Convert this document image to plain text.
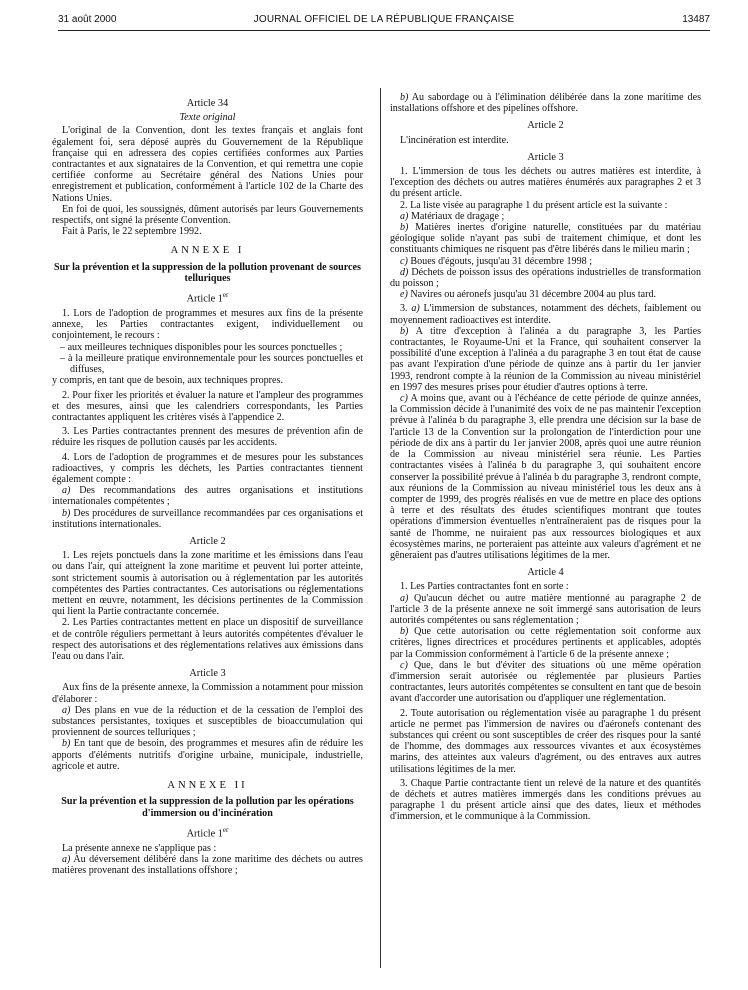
31 août 2000	JOURNAL OFFICIEL DE LA RÉPUBLIQUE FRANÇAISE	13487
Article 34
Texte original

L'original de la Convention, dont les textes français et anglais font également foi, sera déposé auprès du Gouvernement de la République française qui en adressera des copies certifiées conformes aux Parties contractantes et aux signataires de la Convention, et qui remettra une copie certifiée conforme au Secrétaire général des Nations Unies pour enregistrement et publication, conformément à l'article 102 de la Charte des Nations Unies.

En foi de quoi, les soussignés, dûment autorisés par leurs Gouvernements respectifs, ont signé la présente Convention.

Fait à Paris, le 22 septembre 1992.

ANNEXE I
Sur la prévention et la suppression de la pollution provenant de sources telluriques
Article 1er

1. Lors de l'adoption de programmes et mesures aux fins de la présente annexe, les Parties contractantes exigent, individuellement ou conjointement, le recours :

– aux meilleures techniques disponibles pour les sources ponctuelles ;
– à la meilleure pratique environnementale pour les sources ponctuelles et diffuses,

y compris, en tant que de besoin, aux techniques propres.

2. Pour fixer les priorités et évaluer la nature et l'ampleur des programmes et des mesures, ainsi que les calendriers correspondants, les Parties contractantes appliquent les critères visés à l'appendice 2.

3. Les Parties contractantes prennent des mesures de prévention afin de réduire les risques de pollution causés par les accidents.

4. Lors de l'adoption de programmes et de mesures pour les substances radioactives, y compris les déchets, les Parties contractantes tiennent également compte :

a) Des recommandations des autres organisations et institutions internationales compétentes ;

b) Des procédures de surveillance recommandées par ces organisations et institutions internationales.

Article 2

1. Les rejets ponctuels dans la zone maritime et les émissions dans l'eau ou dans l'air, qui atteignent la zone maritime et peuvent lui porter atteinte, sont strictement soumis à autorisation ou à réglementation par les autorités compétentes des Parties contractantes. Ces autorisations ou réglementations mettent en œuvre, notamment, les décisions pertinentes de la Commission qui lient la Partie contractante concernée.

2. Les Parties contractantes mettent en place un dispositif de surveillance et de contrôle réguliers permettant à leurs autorités compétentes d'évaluer le respect des autorisations et des réglementations relatives aux émissions dans l'eau ou dans l'air.

Article 3

Aux fins de la présente annexe, la Commission a notamment pour mission d'élaborer :

a) Des plans en vue de la réduction et de la cessation de l'emploi des substances persistantes, toxiques et susceptibles de bioaccumulation qui proviennent de sources telluriques ;

b) En tant que de besoin, des programmes et mesures afin de réduire les apports d'éléments nutritifs d'origine urbaine, municipale, industrielle, agricole et autre.

ANNEXE II
Sur la prévention et la suppression de la pollution par les opérations d'immersion ou d'incinération
Article 1er

La présente annexe ne s'applique pas :

a) Au déversement délibéré dans la zone maritime des déchets ou autres matières provenant des installations offshore ;

b) Au sabordage ou à l'élimination délibérée dans la zone maritime des installations offshore et des pipelines offshore.

Article 2

L'incinération est interdite.

Article 3

1. L'immersion de tous les déchets ou autres matières est interdite, à l'exception des déchets ou autres matières énumérés aux paragraphes 2 et 3 du présent article.

2. La liste visée au paragraphe 1 du présent article est la suivante :

a) Matériaux de dragage ;

b) Matières inertes d'origine naturelle, constituées par du matériau géologique solide n'ayant pas subi de traitement chimique, et dont les constituants chimiques ne risquent pas d'être libérés dans le milieu marin ;

c) Boues d'égouts, jusqu'au 31 décembre 1998 ;

d) Déchets de poisson issus des opérations industrielles de transformation du poisson ;

e) Navires ou aéronefs jusqu'au 31 décembre 2004 au plus tard.

3. a) L'immersion de substances, notamment des déchets, faiblement ou moyennement radioactives est interdite.

b) A titre d'exception à l'alinéa a du paragraphe 3, les Parties contractantes, le Royaume-Uni et la France, qui souhaitent conserver la possibilité d'une exception à l'alinéa a du paragraphe 3 en tout état de cause pas avant l'expiration d'une période de quinze ans à partir du 1er janvier 1993, rendront compte à la réunion de la Commission au niveau ministériel en 1997 des mesures prises pour étudier d'autres options à terre.

c) A moins que, avant ou à l'échéance de cette période de quinze années, la Commission décide à l'unanimité des voix de ne pas maintenir l'exception prévue à l'alinéa b du paragraphe 3, elle prendra une décision sur la base de l'article 13 de la Convention sur la prolongation de l'interdiction pour une période de dix ans à partir du 1er janvier 2008, après quoi une autre réunion de la Commission au niveau ministériel sera réunie. Les Parties contractantes visées à l'alinéa b du paragraphe 3, qui souhaitent encore conserver la possibilité prévue à l'alinéa b du paragraphe 3, rendront compte, aux réunions de la Commission au niveau ministériel tous les deux ans à compter de 1999, des progrès réalisés en vue de mettre en place des options à terre et des résultats des études scientifiques montrant que toutes opérations d'immersion éventuelles n'entraîneraient pas de risques pour la santé de l'homme, ne nuiraient pas aux ressources biologiques et aux écosystèmes marins, ne porteraient pas atteinte aux valeurs d'agrément et ne gêneraient pas d'autres utilisations légitimes de la mer.

Article 4

1. Les Parties contractantes font en sorte :

a) Qu'aucun déchet ou autre matière mentionné au paragraphe 2 de l'article 3 de la présente annexe ne soit immergé sans autorisation de leurs autorités compétentes ou sans réglementation ;

b) Que cette autorisation ou cette réglementation soit conforme aux critères, lignes directrices et procédures pertinents et applicables, adoptés par la Commission conformément à l'article 6 de la présente annexe ;

c) Que, dans le but d'éviter des situations où une même opération d'immersion serait autorisée ou réglementée par plusieurs Parties contractantes, leurs autorités compétentes se consultent en tant que de besoin avant d'accorder une autorisation ou d'appliquer une réglementation.

2. Toute autorisation ou réglementation visée au paragraphe 1 du présent article ne permet pas l'immersion de navires ou d'aéronefs contenant des substances qui créent ou sont susceptibles de créer des risques pour la santé de l'homme, des dommages aux ressources vivantes et aux écosystèmes marins, des atteintes aux valeurs d'agrément, ou des entraves aux autres utilisations légitimes de la mer.

3. Chaque Partie contractante tient un relevé de la nature et des quantités de déchets et autres matières immergés dans les conditions prévues au paragraphe 1 du présent article ainsi que des dates, lieux et méthodes d'immersion, et le communique à la Commission.
